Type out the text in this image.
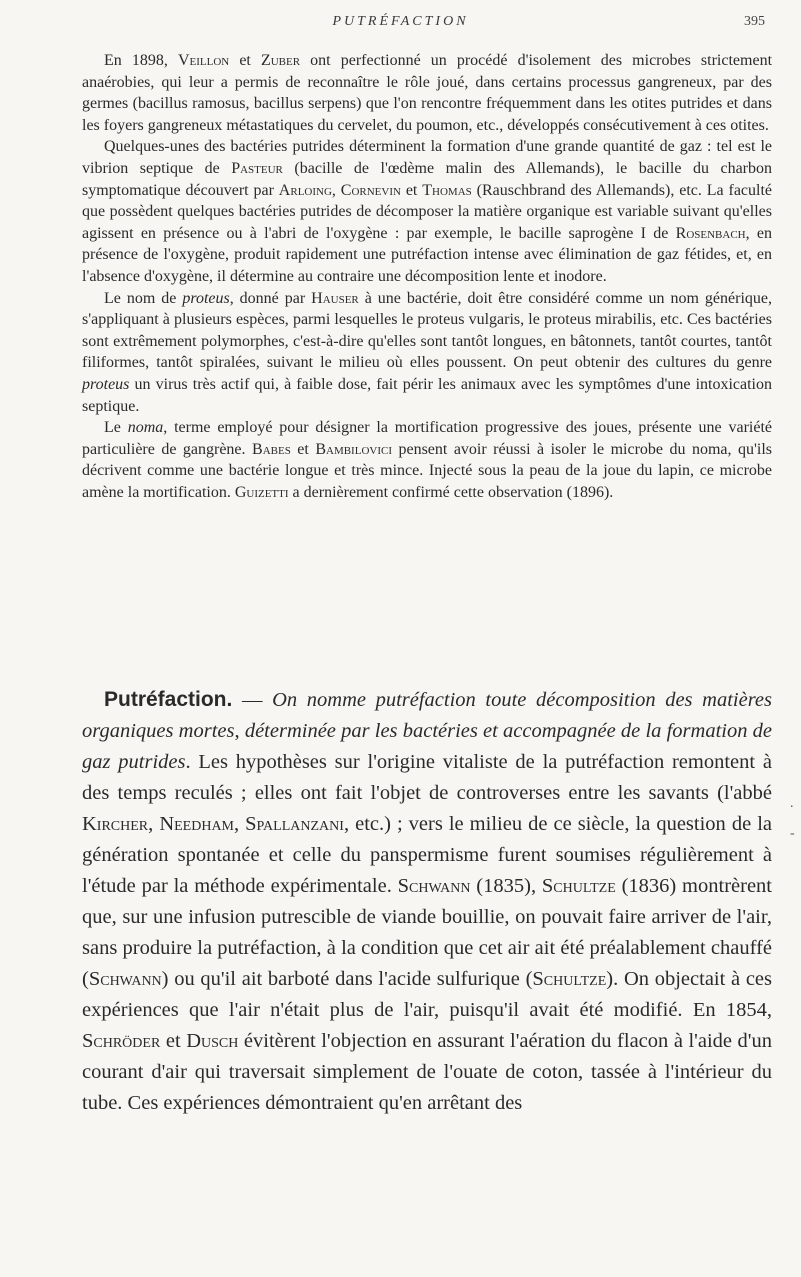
PUTRÉFACTION	395

En 1898, Veillon et Zuber ont perfectionné un procédé d'isolement des microbes strictement anaérobies, qui leur a permis de reconnaître le rôle joué, dans certains processus gangreneux, par des germes (bacillus ramosus, bacillus serpens) que l'on rencontre fréquemment dans les otites putrides et dans les foyers gangreneux métastatiques du cervelet, du poumon, etc., développés consécutivement à ces otites.

Quelques-unes des bactéries putrides déterminent la formation d'une grande quantité de gaz : tel est le vibrion septique de Pasteur (bacille de l'œdème malin des Allemands), le bacille du charbon symptomatique découvert par Arloing, Cornevin et Thomas (Rauschbrand des Allemands), etc. La faculté que possèdent quelques bactéries putrides de décomposer la matière organique est variable suivant qu'elles agissent en présence ou à l'abri de l'oxygène : par exemple, le bacille saprogène I de Rosenbach, en présence de l'oxygène, produit rapidement une putréfaction intense avec élimination de gaz fétides, et, en l'absence d'oxygène, il détermine au contraire une décomposition lente et inodore.

Le nom de proteus, donné par Hauser à une bactérie, doit être considéré comme un nom générique, s'appliquant à plusieurs espèces, parmi lesquelles le proteus vulgaris, le proteus mirabilis, etc. Ces bactéries sont extrêmement polymorphes, c'est-à-dire qu'elles sont tantôt longues, en bâtonnets, tantôt courtes, tantôt filiformes, tantôt spiralées, suivant le milieu où elles poussent. On peut obtenir des cultures du genre proteus un virus très actif qui, à faible dose, fait périr les animaux avec les symptômes d'une intoxication septique.

Le noma, terme employé pour désigner la mortification progressive des joues, présente une variété particulière de gangrène. Babes et Bambilovici pensent avoir réussi à isoler le microbe du noma, qu'ils décrivent comme une bactérie longue et très mince. Injecté sous la peau de la joue du lapin, ce microbe amène la mortification. Guizetti a dernièrement confirmé cette observation (1896).

Putréfaction. — On nomme putréfaction toute décomposition des matières organiques mortes, déterminée par les bactéries et accompagnée de la formation de gaz putrides. Les hypothèses sur l'origine vitaliste de la putréfaction remontent à des temps reculés ; elles ont fait l'objet de controverses entre les savants (l'abbé Kircher, Needham, Spallanzani, etc.) ; vers le milieu de ce siècle, la question de la génération spontanée et celle du panspermisme furent soumises régulièrement à l'étude par la méthode expérimentale. Schwann (1835), Schultze (1836) montrèrent que, sur une infusion putrescible de viande bouillie, on pouvait faire arriver de l'air, sans produire la putréfaction, à la condition que cet air ait été préalablement chauffé (Schwann) ou qu'il ait barboté dans l'acide sulfurique (Schultze). On objectait à ces expériences que l'air n'était plus de l'air, puisqu'il avait été modifié. En 1854, Schröder et Dusch évitèrent l'objection en assurant l'aération du flacon à l'aide d'un courant d'air qui traversait simplement de l'ouate de coton, tassée à l'intérieur du tube. Ces expériences démontraient qu'en arrêtant des

.
-
